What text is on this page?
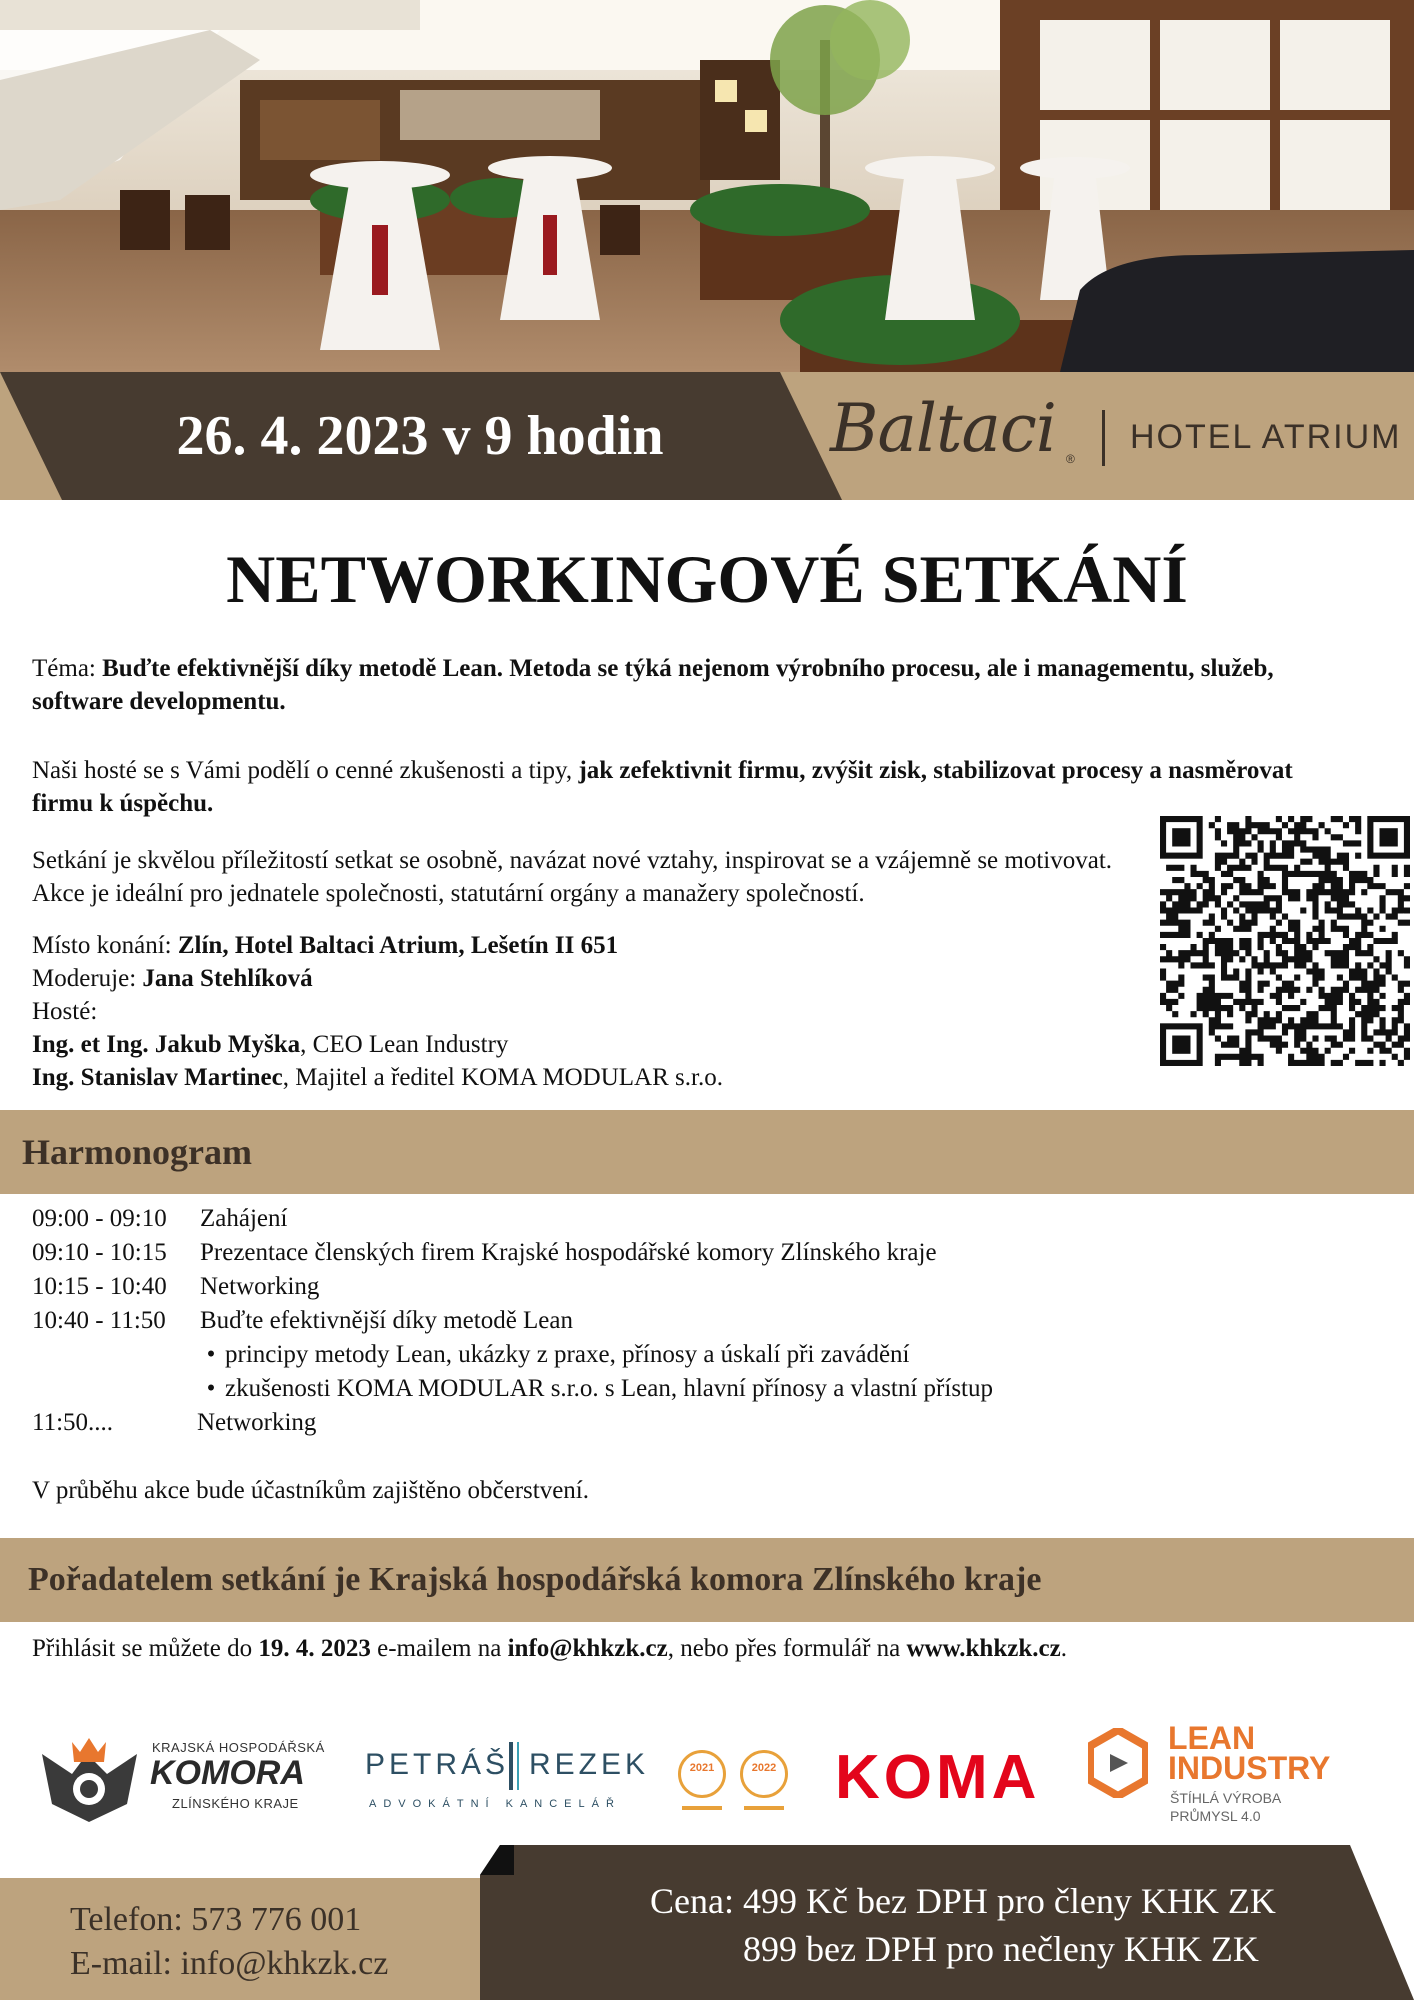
26. 4. 2023 v 9 hodin	Baltaci ®
HOTEL ATRIUM
NETWORKINGOVÉ SETKÁNÍ
Téma: Buďte efektivnější díky metodě Lean. Metoda se týká nejenom výrobního procesu, ale i managementu, služeb, software developmentu.
Naši hosté se s Vámi podělí o cenné zkušenosti a tipy, jak zefektivnit firmu, zvýšit zisk, stabilizovat procesy a nasměrovat firmu k úspěchu.
Setkání je skvělou příležitostí setkat se osobně, navázat nové vztahy, inspirovat se a vzájemně se motivovat. Akce je ideální pro jednatele společnosti, statutární orgány a manažery společností.
Místo konání: Zlín, Hotel Baltaci Atrium, Lešetín II 651
Moderuje: Jana Stehlíková
Hosté:
Ing. et Ing. Jakub Myška, CEO Lean Industry
Ing. Stanislav Martinec, Majitel a ředitel KOMA MODULAR s.r.o.
Harmonogram
09:00 - 09:10	Zahájení
09:10 - 10:15	Prezentace členských firem Krajské hospodářské komory Zlínského kraje
10:15 - 10:40	Networking
10:40 - 11:50	Buďte efektivnější díky metodě Lean
• principy metody Lean, ukázky z praxe, přínosy a úskalí při zavádění
• zkušenosti KOMA MODULAR s.r.o. s Lean, hlavní přínosy a vlastní přístup
11:50....	Networking
V průběhu akce bude účastníkům zajištěno občerstvení.
Pořadatelem setkání je Krajská hospodářská komora Zlínského kraje
Přihlásit se můžete do 19. 4. 2023 e-mailem na info@khkzk.cz, nebo přes formulář na www.khkzk.cz.
KRAJSKÁ HOSPODÁŘSKÁ
KOMORA
ZLÍNSKÉHO KRAJE
PETRÁŠ REZEK
ADVOKÁTNÍ KANCELÁŘ
2021	2022 KOMA
LEAN
INDUSTRY
ŠTÍHLÁ VÝROBA
PRŮMYSL 4.0
Telefon: 573 776 001
E-mail: info@khkzk.cz
Cena: 499 Kč bez DPH pro členy KHK ZK
899 bez DPH pro nečleny KHK ZK
